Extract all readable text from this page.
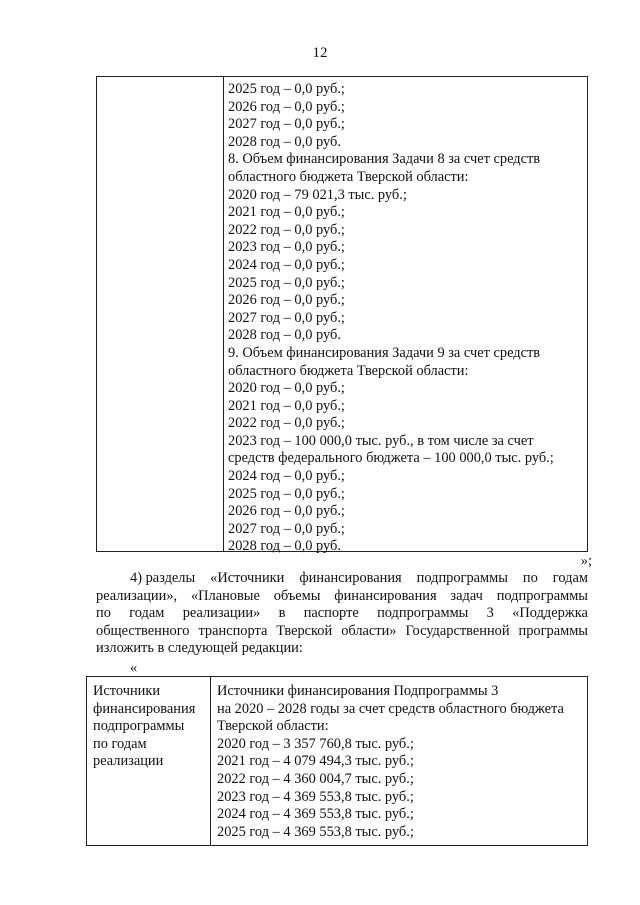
12
2025 год – 0,0 руб.;
2026 год – 0,0 руб.;
2027 год – 0,0 руб.;
2028 год – 0,0 руб.
8. Объем финансирования Задачи 8 за счет средств
областного бюджета Тверской области:
2020 год – 79 021,3 тыс. руб.;
2021 год – 0,0 руб.;
2022 год – 0,0 руб.;
2023 год – 0,0 руб.;
2024 год – 0,0 руб.;
2025 год – 0,0 руб.;
2026 год – 0,0 руб.;
2027 год – 0,0 руб.;
2028 год – 0,0 руб.
9. Объем финансирования Задачи 9 за счет средств
областного бюджета Тверской области:
2020 год – 0,0 руб.;
2021 год – 0,0 руб.;
2022 год – 0,0 руб.;
2023 год – 100 000,0 тыс. руб., в том числе за счет
средств федерального бюджета – 100 000,0 тыс. руб.;
2024 год – 0,0 руб.;
2025 год – 0,0 руб.;
2026 год – 0,0 руб.;
2027 год – 0,0 руб.;
2028 год – 0,0 руб.
»;
4) разделы «Источники финансирования подпрограммы по годам
реализации», «Плановые объемы финансирования задач подпрограммы
по годам реализации» в паспорте подпрограммы 3 «Поддержка
общественного транспорта Тверской области» Государственной программы
изложить в следующей редакции:
«
Источники
финансирования
подпрограммы
по годам
реализации
Источники финансирования Подпрограммы 3
на 2020 – 2028 годы за счет средств областного бюджета
Тверской области:
2020 год – 3 357 760,8 тыс. руб.;
2021 год – 4 079 494,3 тыс. руб.;
2022 год – 4 360 004,7 тыс. руб.;
2023 год – 4 369 553,8 тыс. руб.;
2024 год – 4 369 553,8 тыс. руб.;
2025 год – 4 369 553,8 тыс. руб.;
